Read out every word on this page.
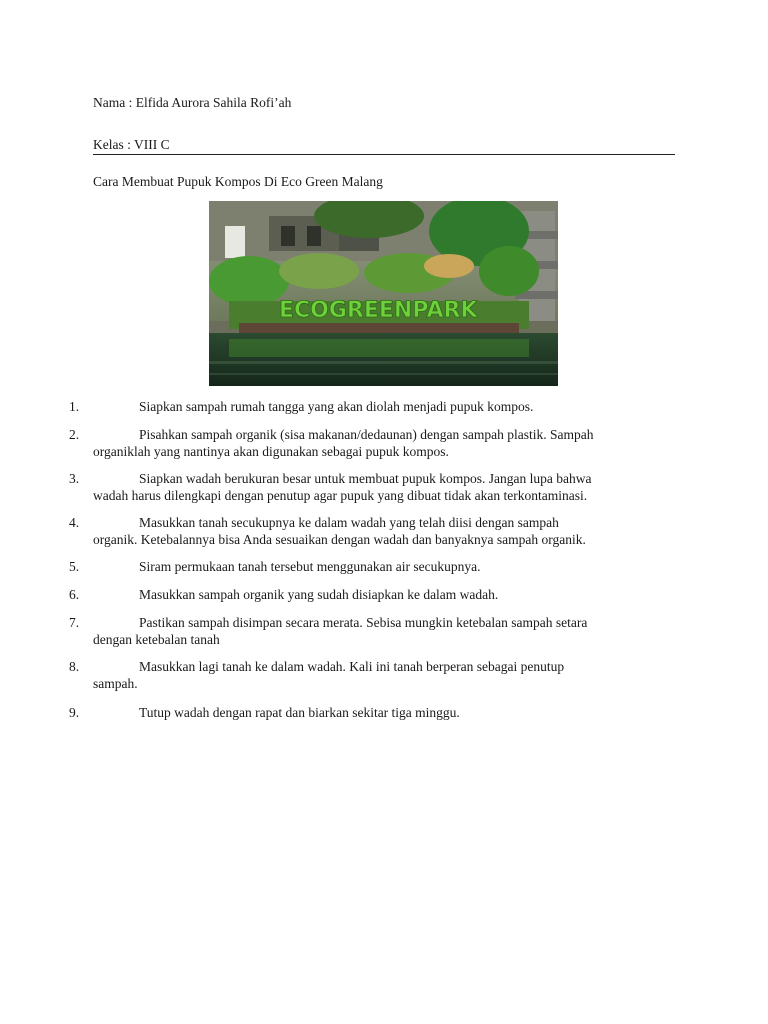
Nama : Elfida Aurora Sahila Rofi’ah
Kelas : VIII C
Cara Membuat Pupuk Kompos Di Eco Green Malang
ECOGREENPARK
1.	Siapkan sampah rumah tangga yang akan diolah menjadi pupuk kompos.
2.	Pisahkan sampah organik (sisa makanan/dedaunan) dengan sampah plastik. Sampah
organiklah yang nantinya akan digunakan sebagai pupuk kompos.
3.	Siapkan wadah berukuran besar untuk membuat pupuk kompos. Jangan lupa bahwa
wadah harus dilengkapi dengan penutup agar pupuk yang dibuat tidak akan terkontaminasi.
4.	Masukkan tanah secukupnya ke dalam wadah yang telah diisi dengan sampah
organik. Ketebalannya bisa Anda sesuaikan dengan wadah dan banyaknya sampah organik.
5.	Siram permukaan tanah tersebut menggunakan air secukupnya.
6.	Masukkan sampah organik yang sudah disiapkan ke dalam wadah.
7.	Pastikan sampah disimpan secara merata. Sebisa mungkin ketebalan sampah setara
dengan ketebalan tanah
8.	Masukkan lagi tanah ke dalam wadah. Kali ini tanah berperan sebagai penutup
sampah.
9.	Tutup wadah dengan rapat dan biarkan sekitar tiga minggu.
